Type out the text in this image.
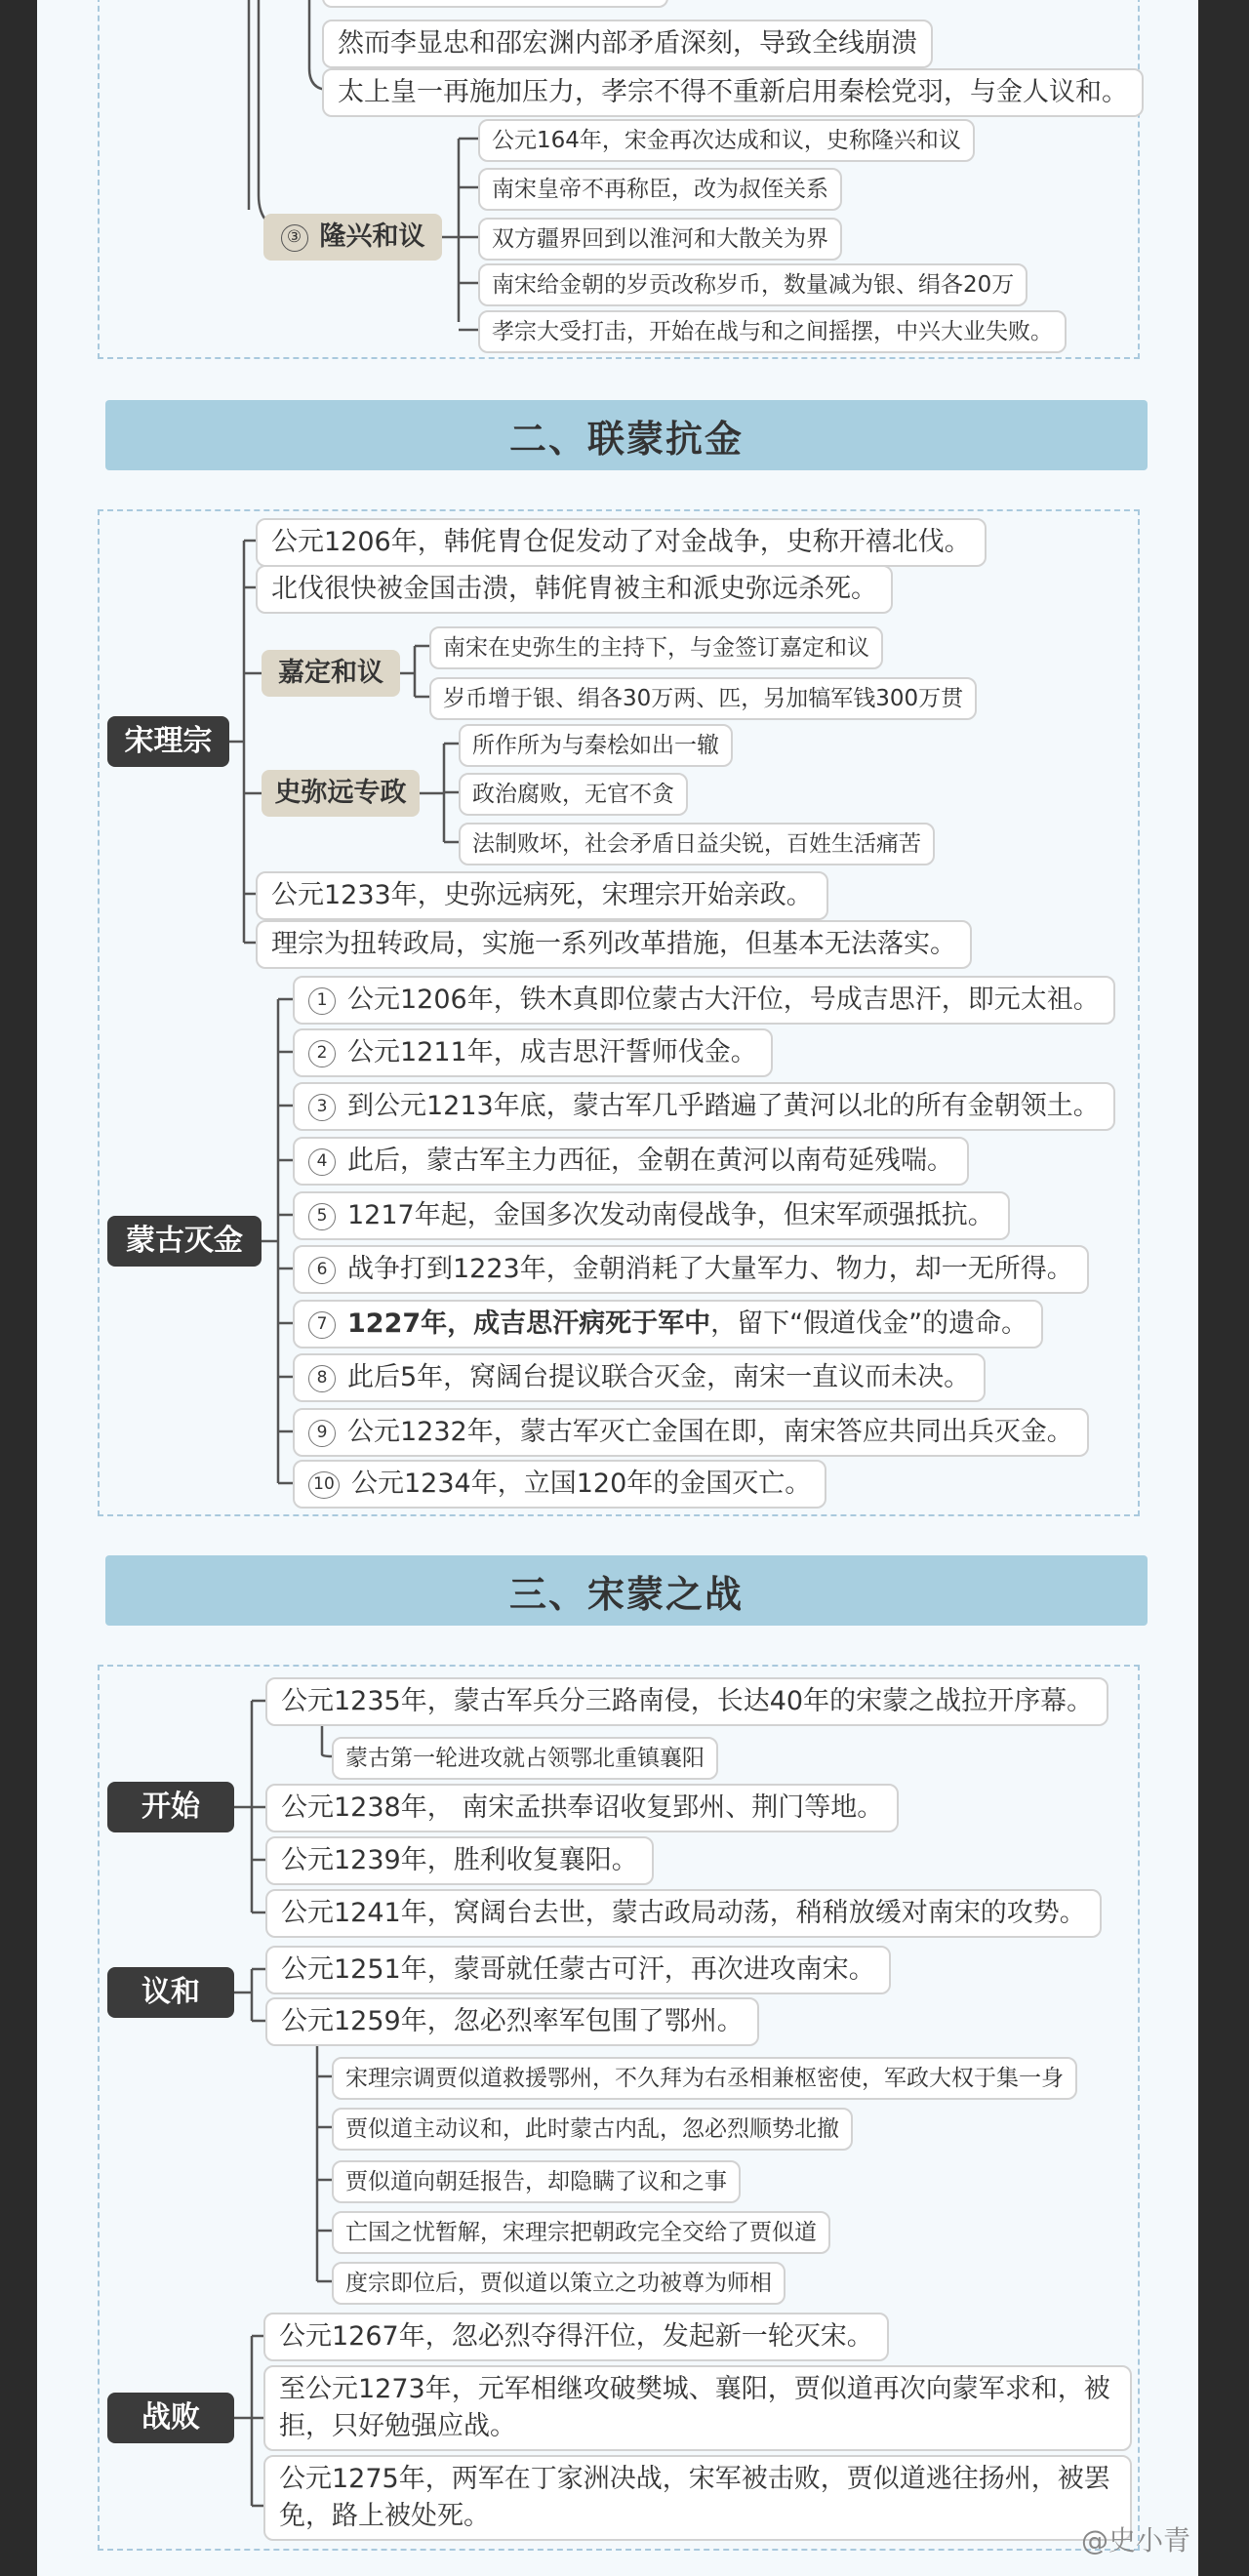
然而李显忠和邵宏渊内部矛盾深刻，导致全线崩溃
太上皇一再施加压力，孝宗不得不重新启用秦桧党羽，与金人议和。
③ 隆兴和议
公元164年，宋金再次达成和议，史称隆兴和议
南宋皇帝不再称臣，改为叔侄关系
双方疆界回到以淮河和大散关为界
南宋给金朝的岁贡改称岁币，数量减为银、绢各20万
孝宗大受打击，开始在战与和之间摇摆，中兴大业失败。
二、联蒙抗金
宋理宗
公元1206年，韩侂胄仓促发动了对金战争，史称开禧北伐。
北伐很快被金国击溃，韩侂胄被主和派史弥远杀死。
嘉定和议
南宋在史弥生的主持下，与金签订嘉定和议
岁币增于银、绢各30万两、匹，另加犒军钱300万贯
史弥远专政
所作所为与秦桧如出一辙
政治腐败，无官不贪
法制败坏，社会矛盾日益尖锐，百姓生活痛苦
公元1233年，史弥远病死，宋理宗开始亲政。
理宗为扭转政局，实施一系列改革措施，但基本无法落实。
蒙古灭金
1 公元1206年，铁木真即位蒙古大汗位，号成吉思汗，即元太祖。
2 公元1211年，成吉思汗誓师伐金。
3 到公元1213年底，蒙古军几乎踏遍了黄河以北的所有金朝领土。
4 此后，蒙古军主力西征，金朝在黄河以南苟延残喘。
5 1217年起，金国多次发动南侵战争，但宋军顽强抵抗。
6 战争打到1223年，金朝消耗了大量军力、物力，却一无所得。
7 1227年，成吉思汗病死于军中，留下“假道伐金”的遗命。
8 此后5年，窝阔台提议联合灭金，南宋一直议而未决。
9 公元1232年，蒙古军灭亡金国在即，南宋答应共同出兵灭金。
10 公元1234年，立国120年的金国灭亡。
三、宋蒙之战
开始
公元1235年，蒙古军兵分三路南侵，长达40年的宋蒙之战拉开序幕。
蒙古第一轮进攻就占领鄂北重镇襄阳
公元1238年， 南宋孟拱奉诏收复郢州、荆门等地。
公元1239年，胜利收复襄阳。
公元1241年，窝阔台去世，蒙古政局动荡，稍稍放缓对南宋的攻势。
议和
公元1251年，蒙哥就任蒙古可汗，再次进攻南宋。
公元1259年，忽必烈率军包围了鄂州。
宋理宗调贾似道救援鄂州，不久拜为右丞相兼枢密使，军政大权于集一身
贾似道主动议和，此时蒙古内乱，忽必烈顺势北撤
贾似道向朝廷报告，却隐瞒了议和之事
亡国之忧暂解，宋理宗把朝政完全交给了贾似道
度宗即位后，贾似道以策立之功被尊为师相
战败
公元1267年，忽必烈夺得汗位，发起新一轮灭宋。
至公元1273年，元军相继攻破樊城、襄阳，贾似道再次向蒙军求和，被拒，只好勉强应战。
公元1275年，两军在丁家洲决战，宋军被击败，贾似道逃往扬州，被罢免，路上被处死。
@史小青
